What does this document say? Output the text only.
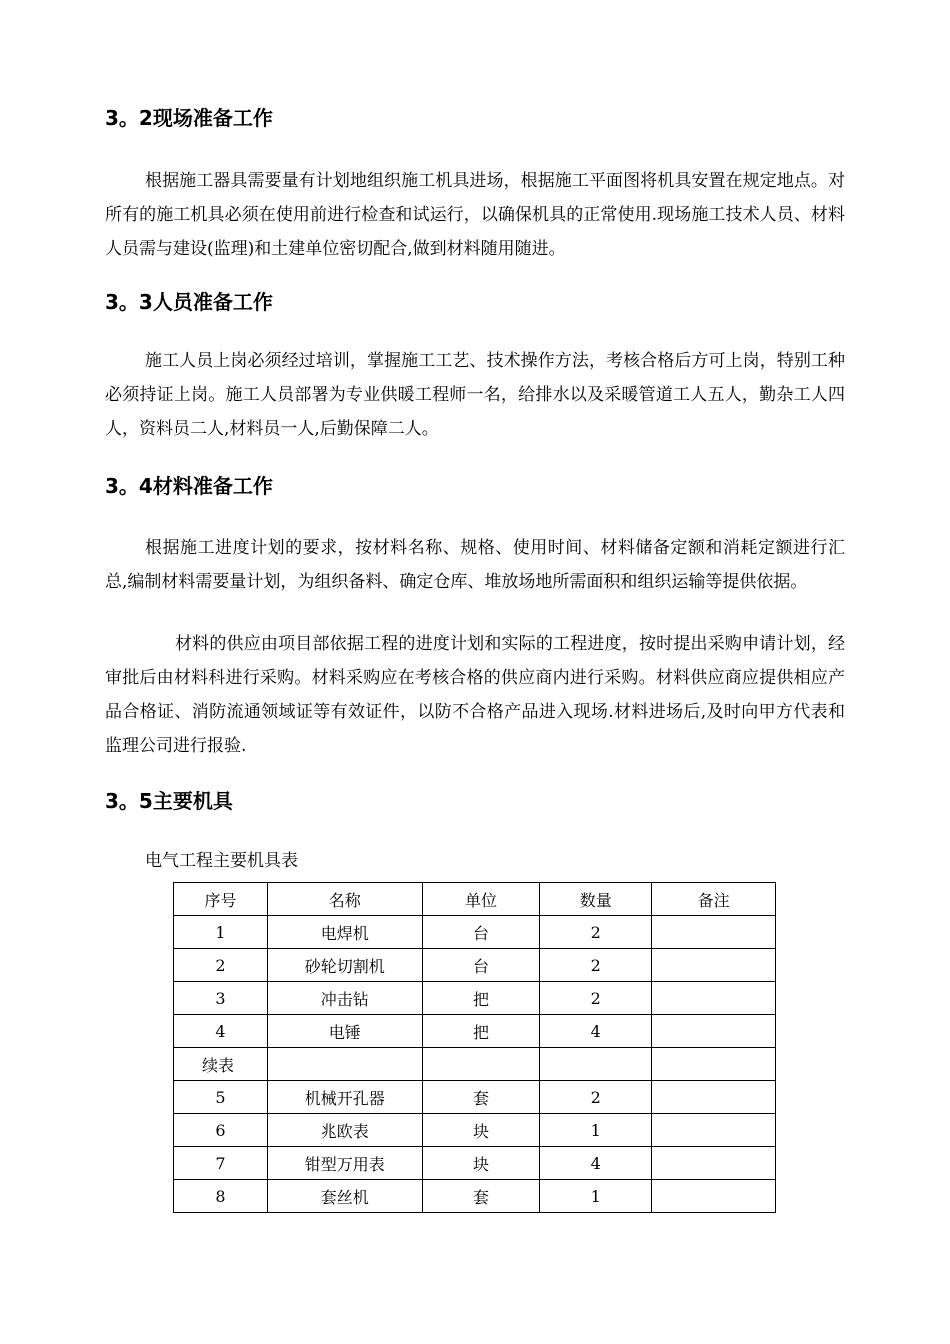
3。2现场准备工作

根据施工器具需要量有计划地组织施工机具进场，根据施工平面图将机具安置在规定地点。对所有的施工机具必须在使用前进行检查和试运行，以确保机具的正常使用.现场施工技术人员、材料人员需与建设(监理)和土建单位密切配合,做到材料随用随进。

3。3人员准备工作

施工人员上岗必须经过培训，掌握施工工艺、技术操作方法，考核合格后方可上岗，特别工种必须持证上岗。施工人员部署为专业供暖工程师一名，给排水以及采暖管道工人五人，勤杂工人四人，资料员二人,材料员一人,后勤保障二人。

3。4材料准备工作

根据施工进度计划的要求，按材料名称、规格、使用时间、材料储备定额和消耗定额进行汇总,编制材料需要量计划，为组织备料、确定仓库、堆放场地所需面积和组织运输等提供依据。

材料的供应由项目部依据工程的进度计划和实际的工程进度，按时提出采购申请计划，经审批后由材料科进行采购。材料采购应在考核合格的供应商内进行采购。材料供应商应提供相应产品合格证、消防流通领域证等有效证件，以防不合格产品进入现场.材料进场后,及时向甲方代表和监理公司进行报验.

3。5主要机具

电气工程主要机具表

序号	名称	单位	数量	备注
1	电焊机	台	2	
2	砂轮切割机	台	2	
3	冲击钻	把	2	
4	电锤	把	4	
续表				
5	机械开孔器	套	2	
6	兆欧表	块	1	
7	钳型万用表	块	4	
8	套丝机	套	1	
